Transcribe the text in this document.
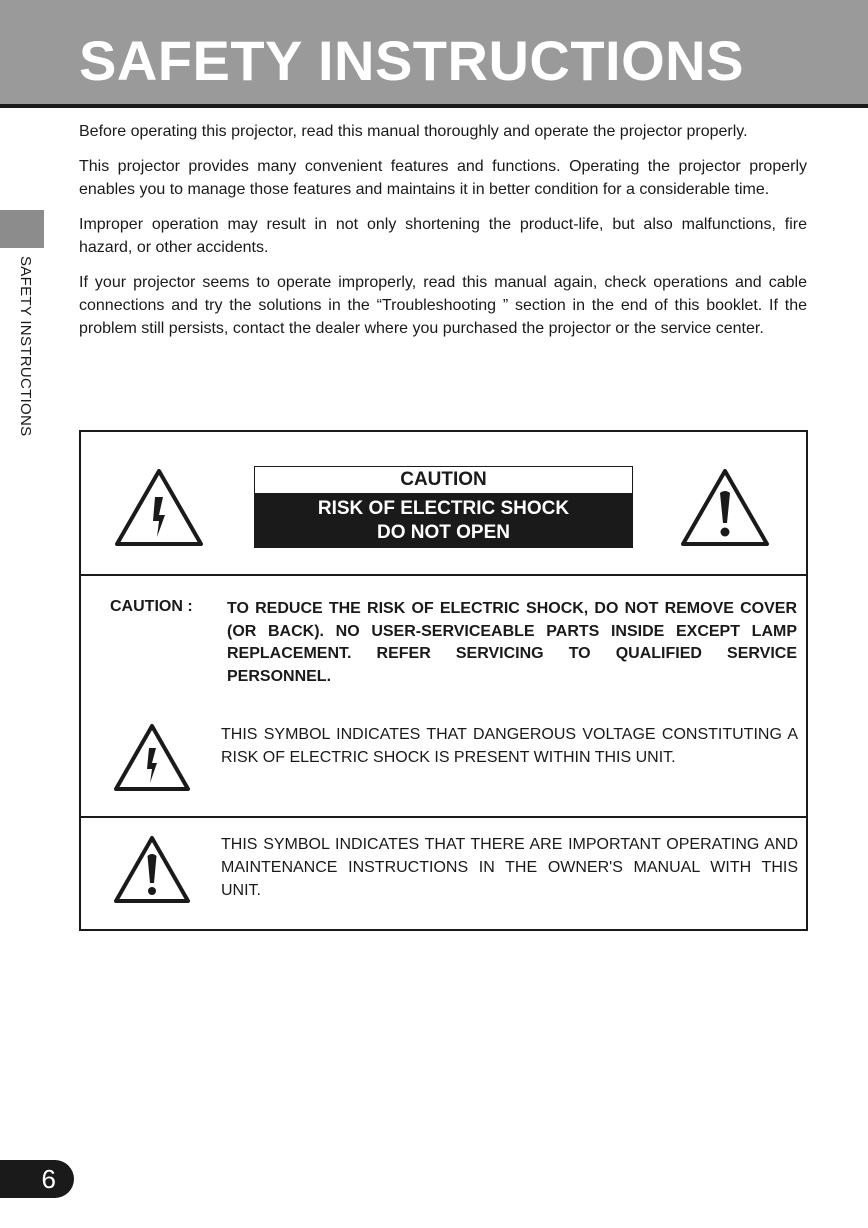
SAFETY INSTRUCTIONS
SAFETY INSTRUCTIONS

Before operating this projector, read this manual thoroughly and operate the projector properly.

This projector provides many convenient features and functions. Operating the projector properly enables you to manage those features and maintains it in better condition for a considerable time.

Improper operation may result in not only shortening the product-life, but also malfunctions, fire hazard, or other accidents.

If your projector seems to operate improperly, read this manual again, check operations and cable connections and try the solutions in the “Troubleshooting ” section in the end of this booklet. If the problem still persists, contact the dealer where you purchased the projector or the service center.

CAUTION
RISK OF ELECTRIC SHOCK
DO NOT OPEN
CAUTION : TO REDUCE THE RISK OF ELECTRIC SHOCK, DO NOT REMOVE COVER (OR BACK). NO USER-SERVICEABLE PARTS INSIDE EXCEPT LAMP REPLACEMENT. REFER SERVICING TO QUALIFIED SERVICE PERSONNEL.
THIS SYMBOL INDICATES THAT DANGEROUS VOLTAGE CONSTITUTING A RISK OF ELECTRIC SHOCK IS PRESENT WITHIN THIS UNIT.
THIS SYMBOL INDICATES THAT THERE ARE IMPORTANT OPERATING AND MAINTENANCE INSTRUCTIONS IN THE OWNER'S MANUAL WITH THIS UNIT.
6
